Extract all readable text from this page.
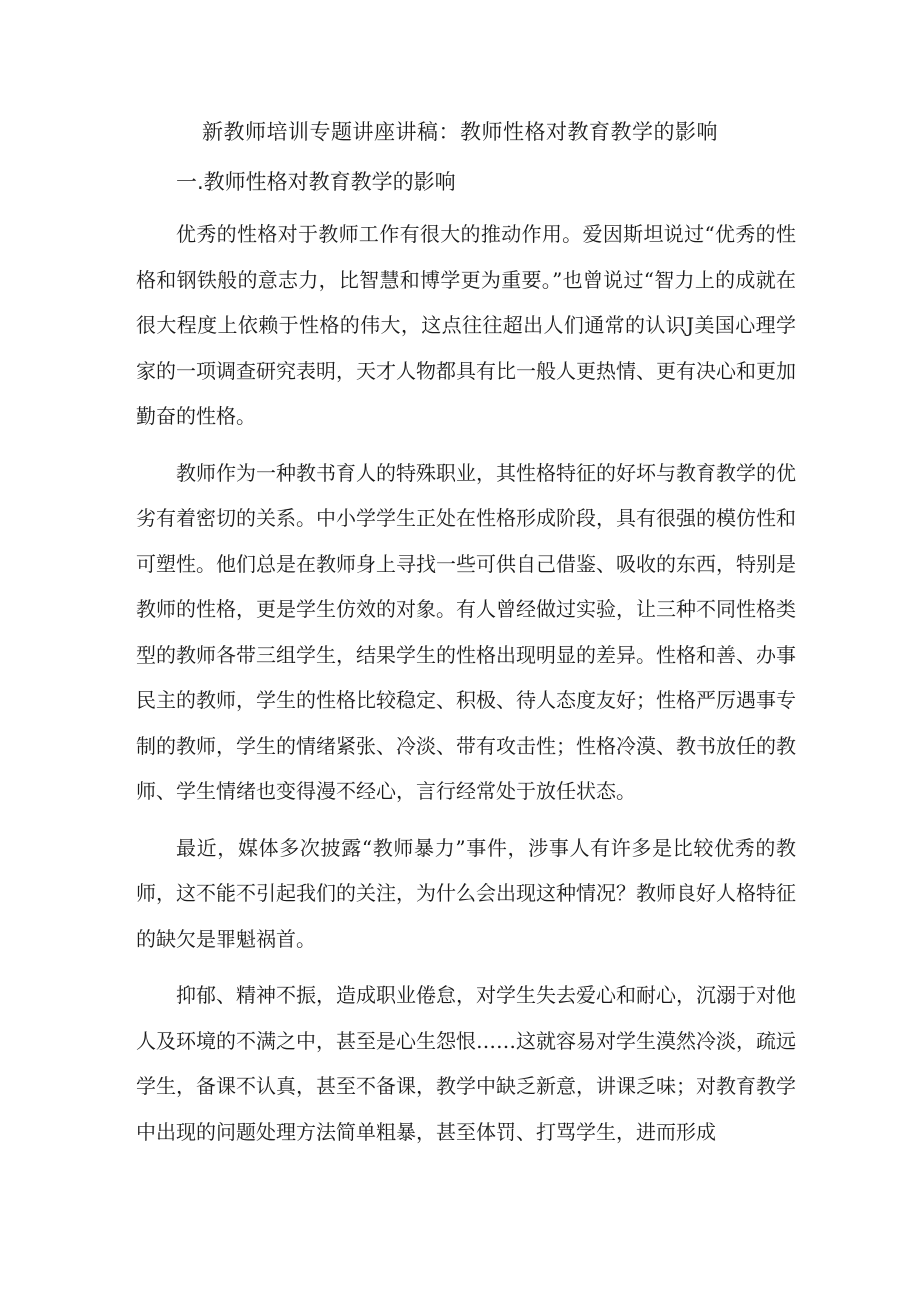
新教师培训专题讲座讲稿：教师性格对教育教学的影响
一.教师性格对教育教学的影响

优秀的性格对于教师工作有很大的推动作用。爱因斯坦说过“优秀的性格和钢铁般的意志力，比智慧和博学更为重要。”也曾说过“智力上的成就在很大程度上依赖于性格的伟大，这点往往超出人们通常的认识J美国心理学家的一项调查研究表明，天才人物都具有比一般人更热情、更有决心和更加勤奋的性格。

教师作为一种教书育人的特殊职业，其性格特征的好坏与教育教学的优劣有着密切的关系。中小学学生正处在性格形成阶段，具有很强的模仿性和可塑性。他们总是在教师身上寻找一些可供自己借鉴、吸收的东西，特别是教师的性格，更是学生仿效的对象。有人曾经做过实验，让三种不同性格类型的教师各带三组学生，结果学生的性格出现明显的差异。性格和善、办事民主的教师，学生的性格比较稳定、积极、待人态度友好；性格严厉遇事专制的教师，学生的情绪紧张、冷淡、带有攻击性；性格冷漠、教书放任的教师、学生情绪也变得漫不经心，言行经常处于放任状态。

最近，媒体多次披露“教师暴力”事件，涉事人有许多是比较优秀的教师，这不能不引起我们的关注，为什么会出现这种情况？教师良好人格特征的缺欠是罪魁祸首。

抑郁、精神不振，造成职业倦怠，对学生失去爱心和耐心，沉溺于对他人及环境的不满之中，甚至是心生怨恨……这就容易对学生漠然冷淡，疏远学生，备课不认真，甚至不备课，教学中缺乏新意，讲课乏味；对教育教学中出现的问题处理方法简单粗暴，甚至体罚、打骂学生，进而形成
